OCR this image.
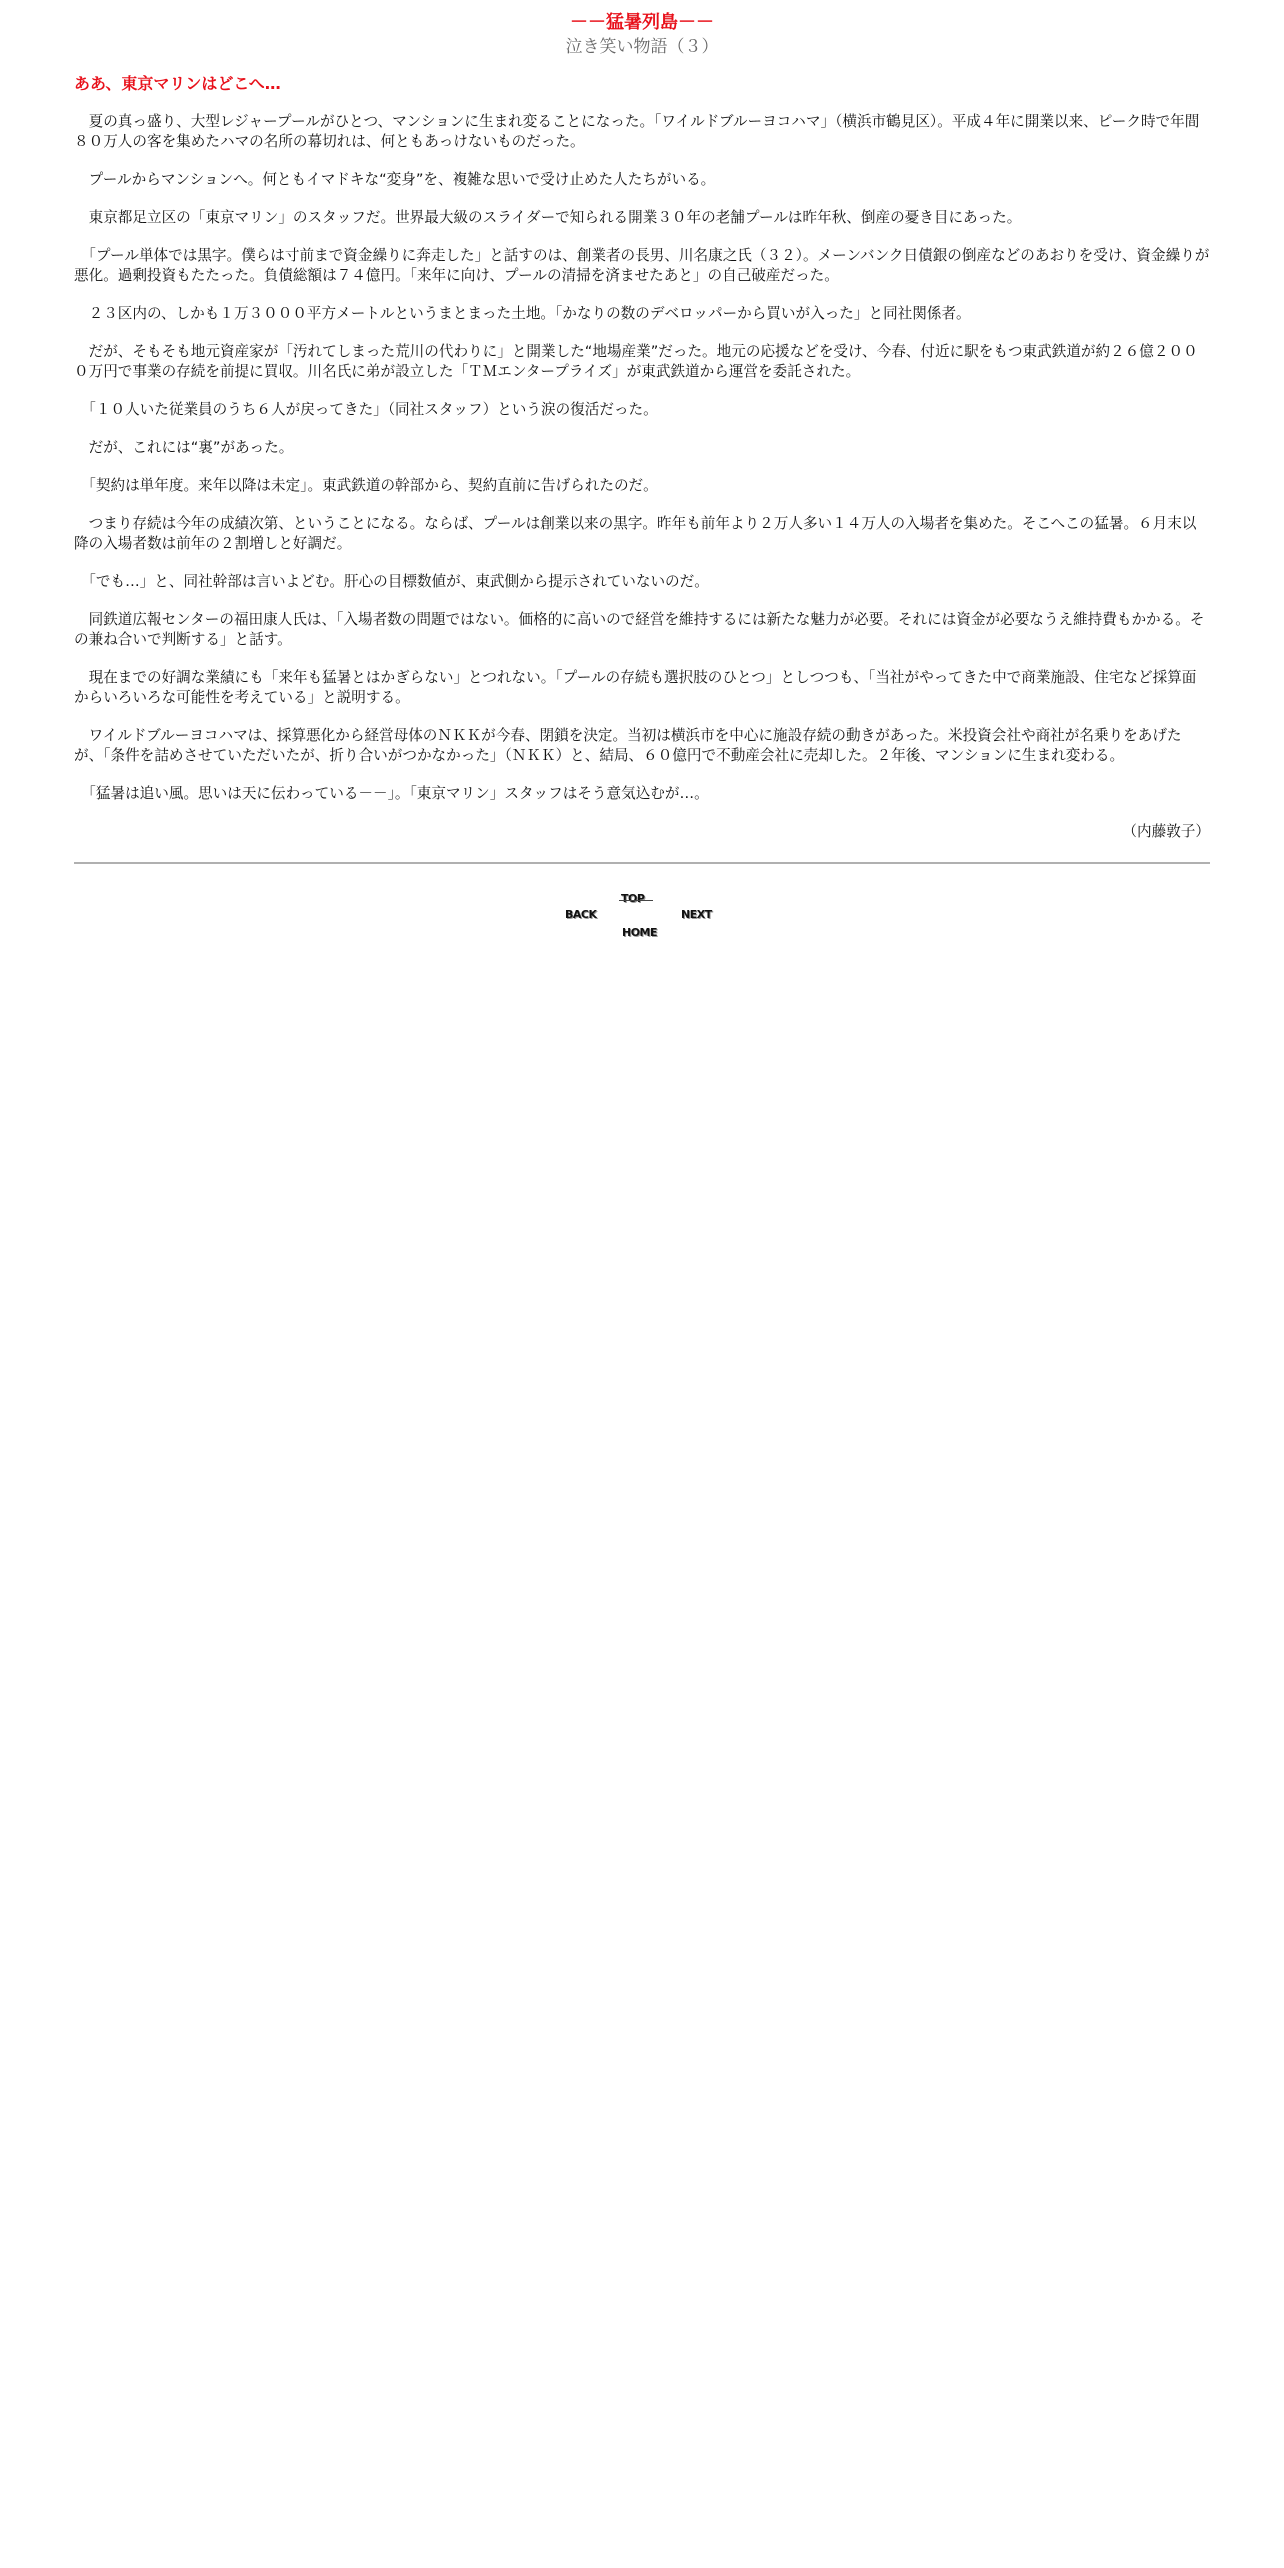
－－猛暑列島－－

泣き笑い物語（３）

ああ、東京マリンはどこへ…

　夏の真っ盛り、大型レジャープールがひとつ、マンションに生まれ変ることになった。「ワイルドブルーヨコハマ」（横浜市鶴見区）。平成４年に開業以来、ピーク時で年間８０万人の客を集めたハマの名所の幕切れは、何ともあっけないものだった。

　プールからマンションへ。何ともイマドキな“変身”を、複雑な思いで受け止めた人たちがいる。

　東京都足立区の「東京マリン」のスタッフだ。世界最大級のスライダーで知られる開業３０年の老舗プールは昨年秋、倒産の憂き目にあった。

　「プール単体では黒字。僕らは寸前まで資金繰りに奔走した」と話すのは、創業者の長男、川名康之氏（３２）。メーンバンク日債銀の倒産などのあおりを受け、資金繰りが悪化。過剰投資もたたった。負債総額は７４億円。「来年に向け、プールの清掃を済ませたあと」の自己破産だった。

　２３区内の、しかも１万３０００平方メートルというまとまった土地。「かなりの数のデベロッパーから買いが入った」と同社関係者。

　だが、そもそも地元資産家が「汚れてしまった荒川の代わりに」と開業した“地場産業”だった。地元の応援などを受け、今春、付近に駅をもつ東武鉄道が約２６億２０００万円で事業の存続を前提に買収。川名氏に弟が設立した「ＴＭエンタープライズ」が東武鉄道から運営を委託された。

　「１０人いた従業員のうち６人が戻ってきた」（同社スタッフ）という涙の復活だった。

　だが、これには“裏”があった。

　「契約は単年度。来年以降は未定」。東武鉄道の幹部から、契約直前に告げられたのだ。

　つまり存続は今年の成績次第、ということになる。ならば、プールは創業以来の黒字。昨年も前年より２万人多い１４万人の入場者を集めた。そこへこの猛暑。６月末以降の入場者数は前年の２割増しと好調だ。

　「でも…」と、同社幹部は言いよどむ。肝心の目標数値が、東武側から提示されていないのだ。

　同鉄道広報センターの福田康人氏は、「入場者数の問題ではない。価格的に高いので経営を維持するには新たな魅力が必要。それには資金が必要なうえ維持費もかかる。その兼ね合いで判断する」と話す。

　現在までの好調な業績にも「来年も猛暑とはかぎらない」とつれない。「プールの存続も選択肢のひとつ」としつつも、「当社がやってきた中で商業施設、住宅など採算面からいろいろな可能性を考えている」と説明する。

　ワイルドブルーヨコハマは、採算悪化から経営母体のＮＫＫが今春、閉鎖を決定。当初は横浜市を中心に施設存続の動きがあった。米投資会社や商社が名乗りをあげたが、「条件を詰めさせていただいたが、折り合いがつかなかった」（ＮＫＫ）と、結局、６０億円で不動産会社に売却した。２年後、マンションに生まれ変わる。

　「猛暑は追い風。思いは天に伝わっている－－」。「東京マリン」スタッフはそう意気込むが…。

（内藤敦子）

BACK
TOP
HOME
NEXT
